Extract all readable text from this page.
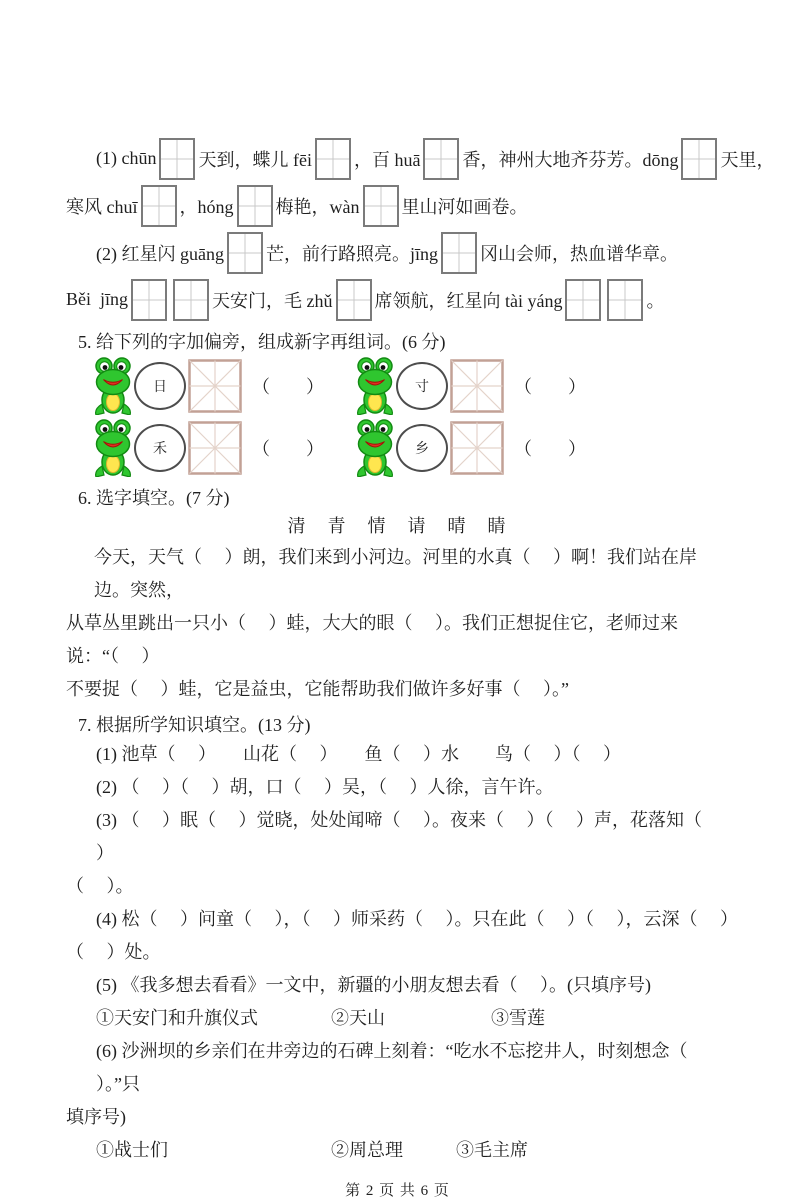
(1) chūn 天到，蝶儿 fēi ，百 huā 香，神州大地齐芬芳。dōng 天里，
寒风 chuī ，hóng 梅艳，wàn 里山河如画卷。
(2) 红星闪 guāng 芒，前行路照亮。jīng 冈山会师，热血谱华章。
Běi  jīng	天安门，毛 zhǔ 席领航，红星向 tài yáng	。
5. 给下列的字加偏旁，组成新字再组词。(6 分)
日	（　　）	寸	（　　）
禾	（　　）	乡	（　　）
6. 选字填空。(7 分)
清　青　情　请　晴　睛
今天，天气（　 ）朗，我们来到小河边。河里的水真（　 ）啊！我们站在岸边。突然，
从草丛里跳出一只小（　 ）蛙，大大的眼（　 ）。我们正想捉住它，老师过来说：“（　 ）
不要捉（　 ）蛙，它是益虫，它能帮助我们做许多好事（　 ）。”
7. 根据所学知识填空。(13 分)
(1) 池草（　 ）　　山花（　 ）　　鱼（　 ）水　　鸟（　 ）（　 ）
(2) （　 ）（　 ）胡，口（　 ）吴，（　 ）人徐，言午许。
(3) （　 ）眠（　 ）觉晓，处处闻啼（　 ）。夜来（　 ）（　 ）声，花落知（　 ）
（　 ）。
(4) 松（　 ）问童（　 ），（　 ）师采药（　 ）。只在此（　 ）（　 ），云深（　 ）
（　 ）处。
(5) 《我多想去看看》一文中，新疆的小朋友想去看（　 ）。(只填序号)
①天安门和升旗仪式	②天山	③雪莲
(6) 沙洲坝的乡亲们在井旁边的石碑上刻着：“吃水不忘挖井人，时刻想念（　 ）。”只
填序号)
①战士们	②周总理	③毛主席
第 2 页 共 6 页
